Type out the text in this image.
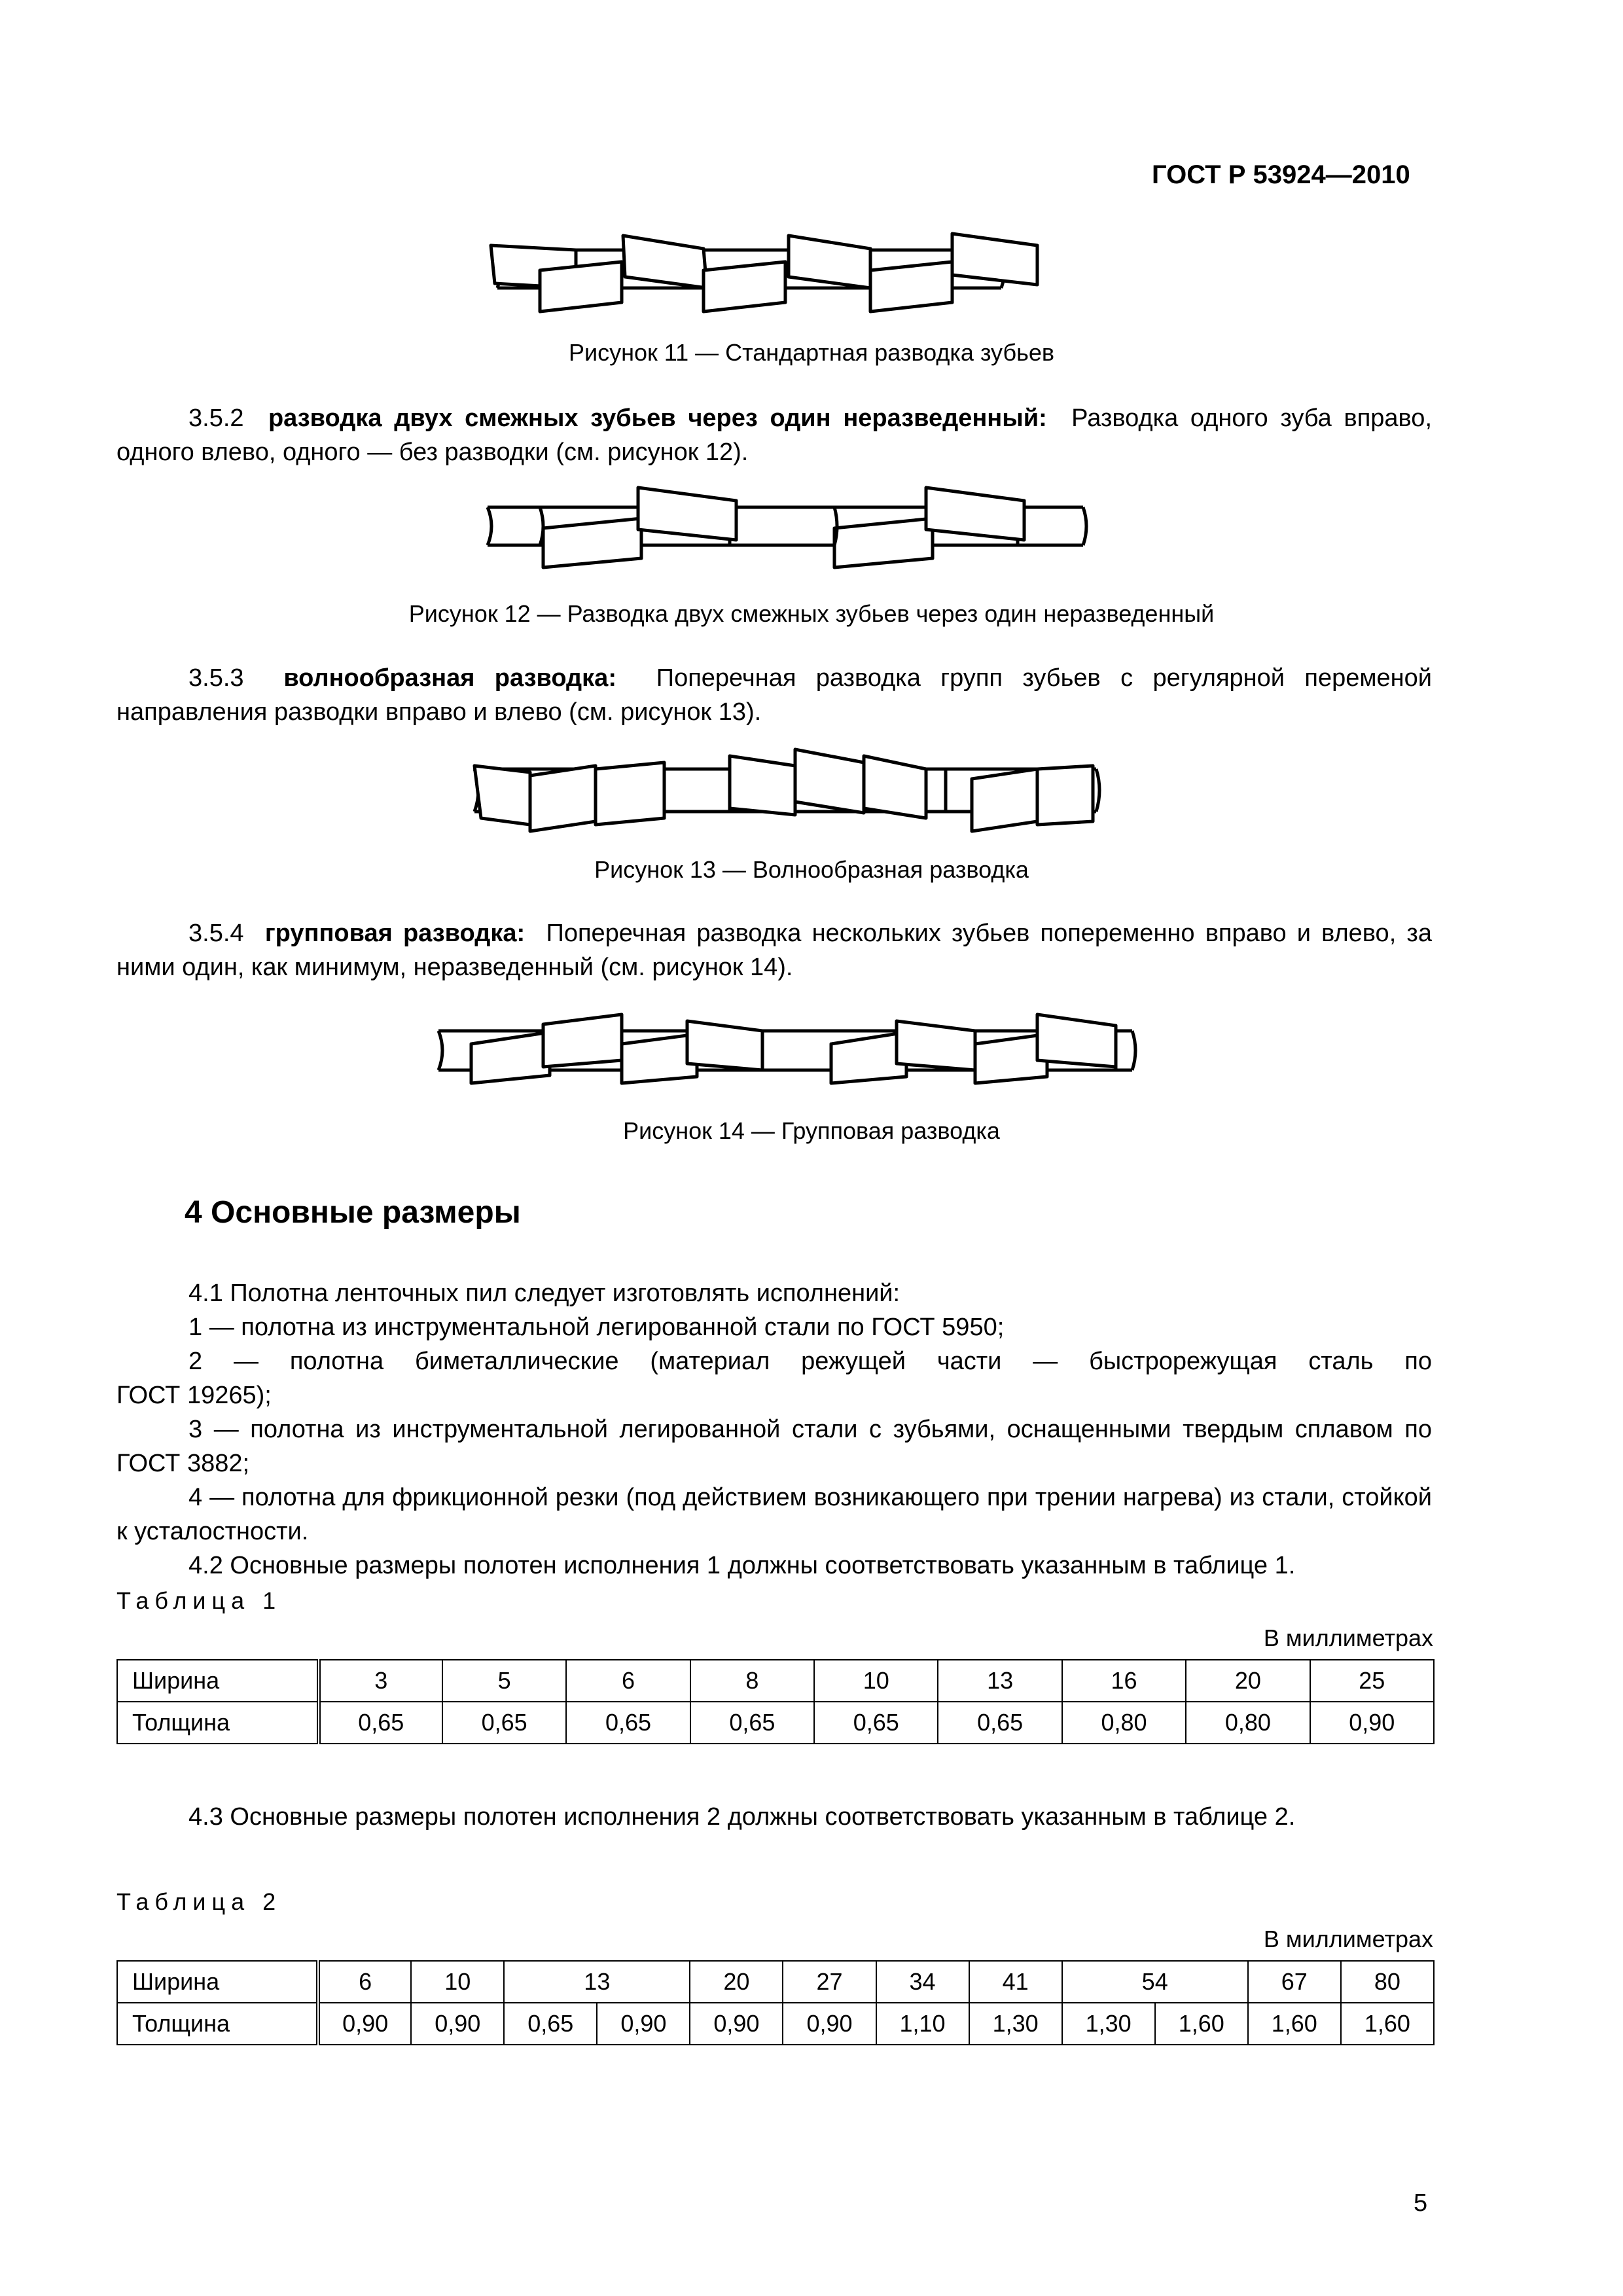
ГОСТ Р 53924—2010
Рисунок 11 — Стандартная разводка зубьев

3.5.2 разводка двух смежных зубьев через один неразведенный: Разводка одного зуба вправо, одного влево, одного — без разводки (см. рисунок 12).

Рисунок 12 — Разводка двух смежных зубьев через один неразведенный

3.5.3 волнообразная разводка: Поперечная разводка групп зубьев с регулярной переменой направления разводки вправо и влево (см. рисунок 13).

Рисунок 13 — Волнообразная разводка

3.5.4 групповая разводка: Поперечная разводка нескольких зубьев попеременно вправо и влево, за ними один, как минимум, неразведенный (см. рисунок 14).

Рисунок 14 — Групповая разводка
4 Основные размеры

4.1 Полотна ленточных пил следует изготовлять исполнений:

1 — полотна из инструментальной легированной стали по ГОСТ 5950;

2 — полотна биметаллические (материал режущей части — быстрорежущая сталь по

ГОСТ 19265);

3 — полотна из инструментальной легированной стали с зубьями, оснащенными твердым сплавом по ГОСТ 3882;

4 — полотна для фрикционной резки (под действием возникающего при трении нагрева) из стали, стойкой к усталостности.

4.2 Основные размеры полотен исполнения 1 должны соответствовать указанным в таблице 1.

Таблица 1
В миллиметрах
Ширина	3	5	6	8	10	13	16	20	25
Толщина	0,65	0,65	0,65	0,65	0,65	0,65	0,80	0,80	0,90

4.3 Основные размеры полотен исполнения 2 должны соответствовать указанным в таблице 2.

Таблица 2
В миллиметрах
Ширина	6	10	13		20	27	34	41	54		67	80
Толщина	0,90	0,90	0,65	0,90	0,90	0,90	1,10	1,30	1,30	1,60	1,60	1,60
5
